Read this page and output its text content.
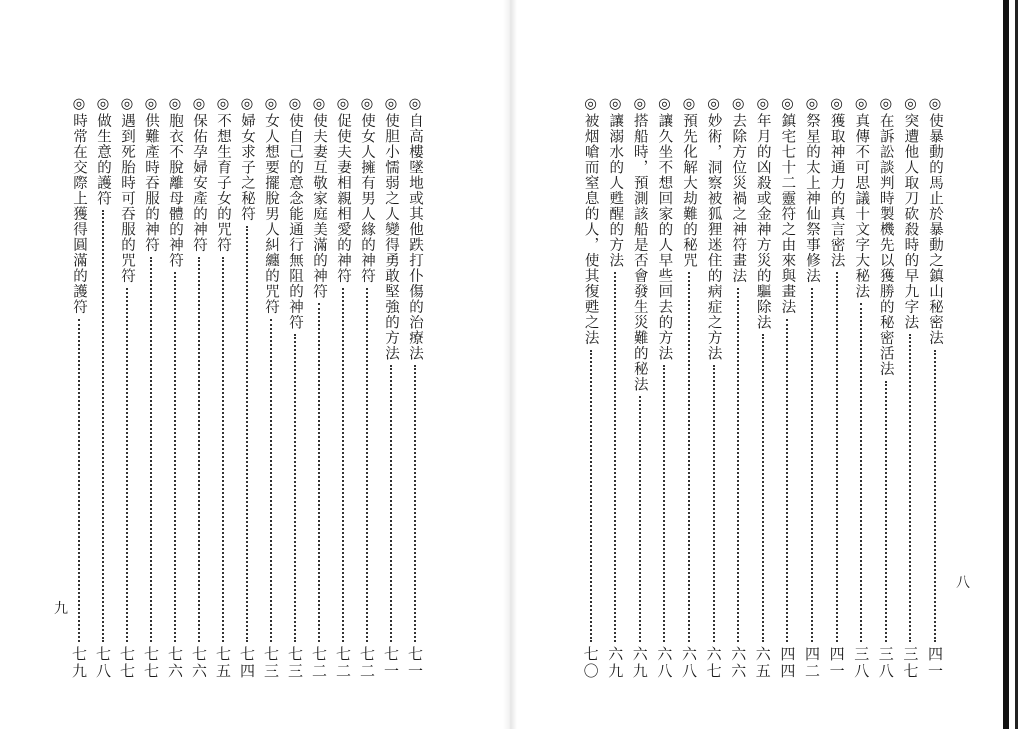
◎自高樓墜地或其他跌打仆傷的治療法
七一
◎使胆小懦弱之人變得勇敢堅強的方法
七一
◎使女人擁有男人緣的神符
七二
◎促使夫妻相親相愛的神符
七二
◎使夫妻互敬家庭美滿的神符
七二
◎使自己的意念能通行無阻的神符
七三
◎女人想要擺脫男人糾纏的咒符
七三
◎婦女求子之秘符
七四
◎不想生育子女的咒符
七五
◎保佑孕婦安產的神符
七六
◎胞衣不脫離母體的神符
七六
◎供難產時吞服的神符
七七
◎遇到死胎時可吞服的咒符
七七
◎做生意的護符
七八
◎時常在交際上獲得圓滿的護符
七九
九
◎使暴動的馬止於暴動之鎮山秘密法
四一
◎突遭他人取刀砍殺時的早九字法
三七
◎在訴訟談判時製機先以獲勝的秘密活法
三八
◎真傳不可思議十文字大秘法
三八
◎獲取神通力的真言密法
四一
◎祭星的太上神仙祭事修法
四二
◎鎮宅七十二靈符之由來與畫法
四四
◎年月的凶殺或金神方災的驅除法
六五
◎去除方位災禍之神符畫法
六六
◎妙術，洞察被狐狸迷住的病症之方法
六七
◎預先化解大劫難的秘咒
六八
◎讓久坐不想回家的人早些回去的方法
六八
◎搭船時，預測該船是否會發生災難的秘法
六九
◎讓溺水的人甦醒的方法
六九
◎被烟嗆而窒息的人，使其復甦之法
七〇
八
